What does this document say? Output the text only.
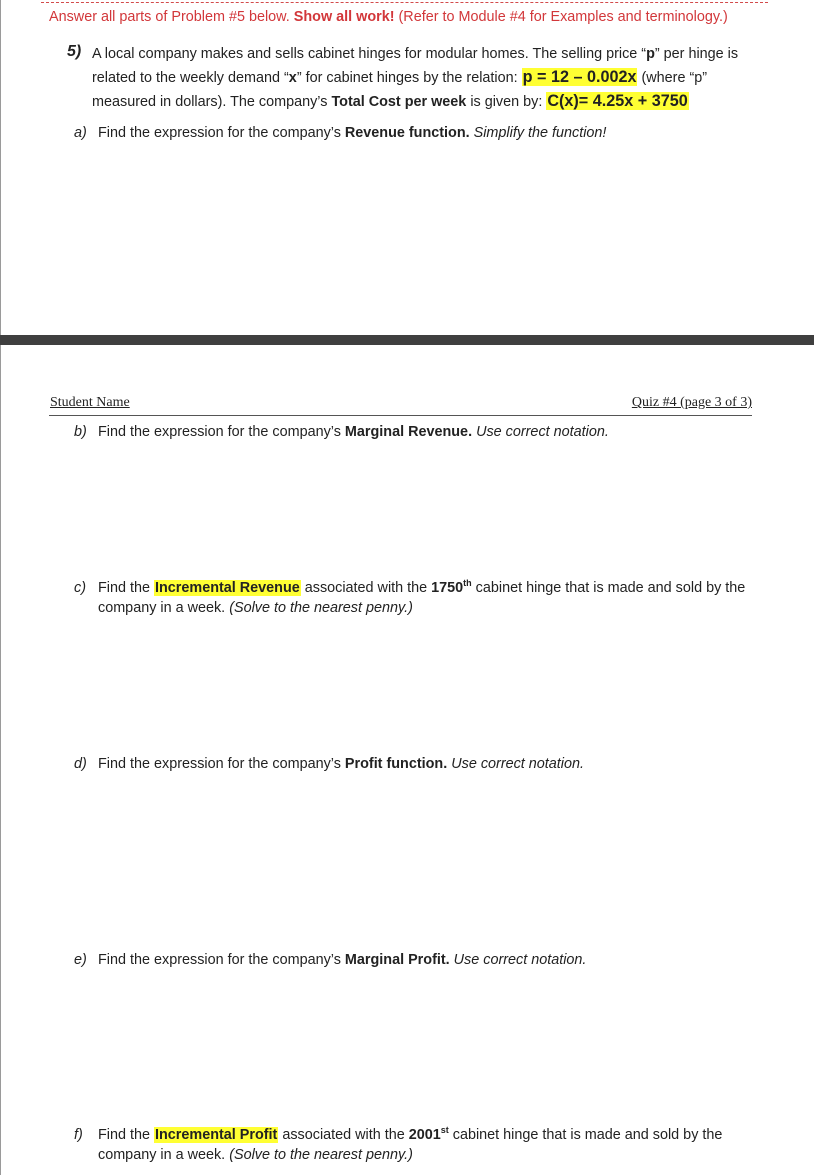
Answer all parts of Problem #5 below. Show all work! (Refer to Module #4 for Examples and terminology.)
5) A local company makes and sells cabinet hinges for modular homes. The selling price “p” per hinge is related to the weekly demand “x” for cabinet hinges by the relation: p = 12 – 0.002x (where “p” measured in dollars). The company’s Total Cost per week is given by: C(x)= 4.25x + 3750
a) Find the expression for the company’s Revenue function. Simplify the function!
Student Name	Quiz #4 (page 3 of 3)
b) Find the expression for the company’s Marginal Revenue. Use correct notation.
c) Find the Incremental Revenue associated with the 1750th cabinet hinge that is made and sold by the company in a week. (Solve to the nearest penny.)
d) Find the expression for the company’s Profit function. Use correct notation.
e) Find the expression for the company’s Marginal Profit. Use correct notation.
f) Find the Incremental Profit associated with the 2001st cabinet hinge that is made and sold by the company in a week. (Solve to the nearest penny.)
